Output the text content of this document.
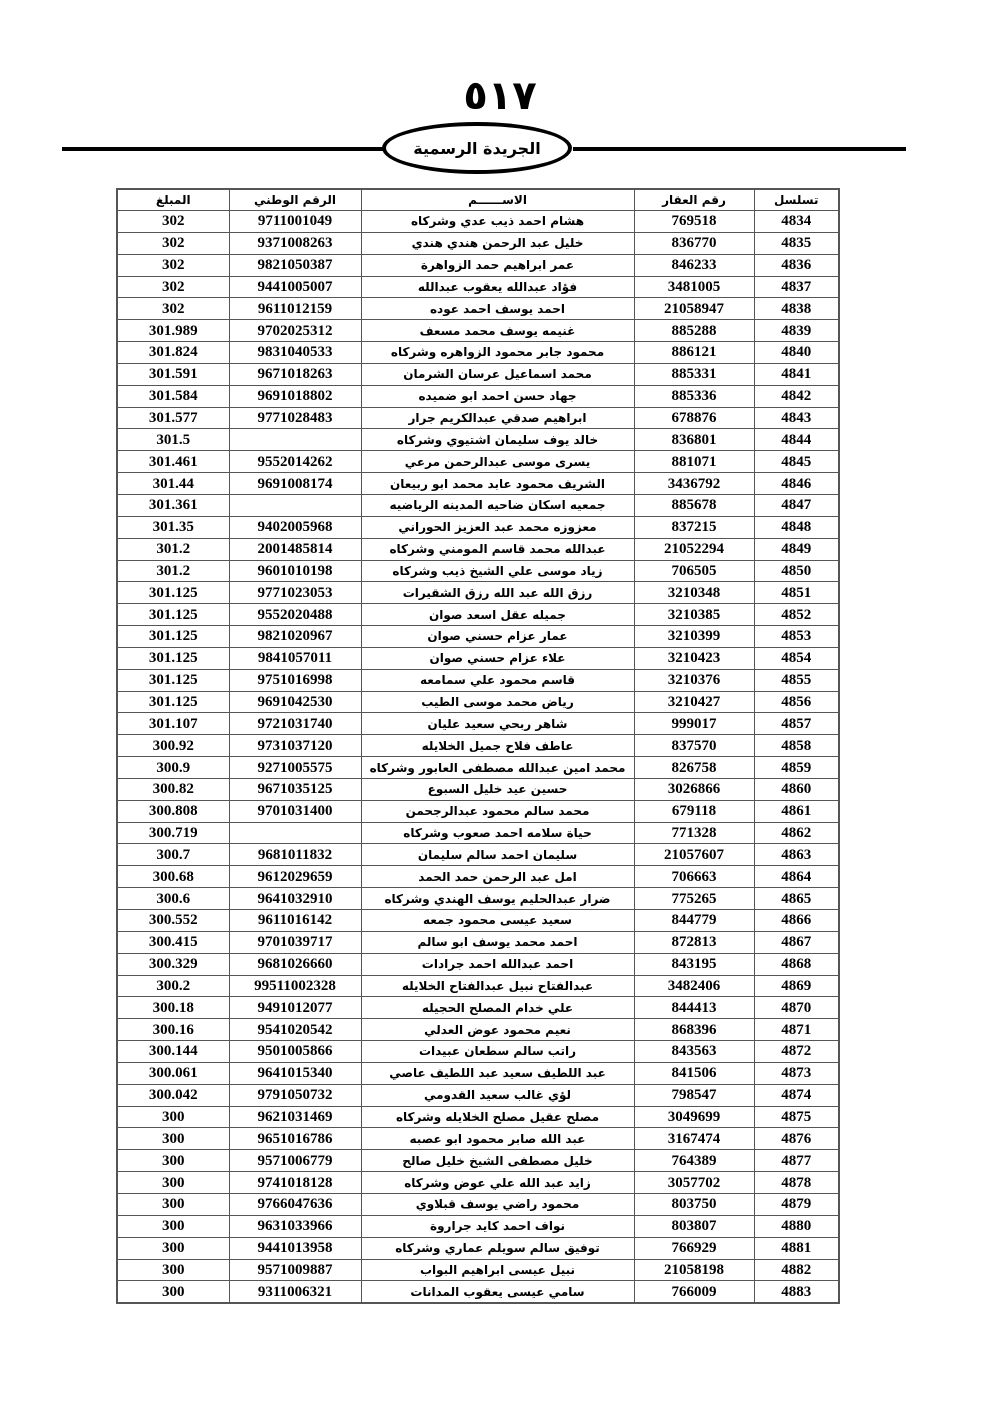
٥١٧
الجريدة الرسمية
المبلغ	الرقم الوطني	الاســــــم	رقم العقار	تسلسل
302	9711001049	هشام احمد ذيب عدي وشركاه	769518	4834
302	9371008263	خليل عبد الرحمن هندي هندي	836770	4835
302	9821050387	عمر ابراهيم حمد الزواهرة	846233	4836
302	9441005007	فؤاد عبدالله يعقوب عبدالله	3481005	4837
302	9611012159	احمد يوسف احمد عوده	21058947	4838
301.989	9702025312	غنيمه يوسف محمد مسعف	885288	4839
301.824	9831040533	محمود جابر محمود الزواهره وشركاه	886121	4840
301.591	9671018263	محمد اسماعيل عرسان الشرمان	885331	4841
301.584	9691018802	جهاد حسن احمد ابو ضميده	885336	4842
301.577	9771028483	ابراهيم صدقي عبدالكريم جرار	678876	4843
301.5		خالد يوف سليمان اشتيوي وشركاه	836801	4844
301.461	9552014262	يسرى موسى عبدالرحمن مرعي	881071	4845
301.44	9691008174	الشريف محمود عابد محمد ابو ربيعان	3436792	4846
301.361		جمعيه اسكان ضاحيه المدينه الرياضيه	885678	4847
301.35	9402005968	معزوزه محمد عبد العزيز الحوراني	837215	4848
301.2	2001485814	عبدالله محمد قاسم المومني وشركاه	21052294	4849
301.2	9601010198	زياد موسى علي الشيخ ذيب وشركاه	706505	4850
301.125	9771023053	رزق الله عبد الله رزق الشقيرات	3210348	4851
301.125	9552020488	جميله عقل اسعد صوان	3210385	4852
301.125	9821020967	عمار عزام حسني صوان	3210399	4853
301.125	9841057011	علاء عزام حسني صوان	3210423	4854
301.125	9751016998	قاسم محمود علي سمامعه	3210376	4855
301.125	9691042530	رياض محمد موسى الطيب	3210427	4856
301.107	9721031740	شاهر ربحي سعيد عليان	999017	4857
300.92	9731037120	عاطف فلاح جميل الخلايله	837570	4858
300.9	9271005575	محمد امين عبدالله مصطفى العابور وشركاه	826758	4859
300.82	9671035125	حسين عيد خليل السبوع	3026866	4860
300.808	9701031400	محمد سالم محمود عبدالرجحمن	679118	4861
300.719		حياة سلامه احمد صعوب وشركاه	771328	4862
300.7	9681011832	سليمان احمد سالم سليمان	21057607	4863
300.68	9612029659	امل عبد الرحمن حمد الحمد	706663	4864
300.6	9641032910	ضرار عبدالحليم يوسف الهندي وشركاه	775265	4865
300.552	9611016142	سعيد عيسى محمود جمعه	844779	4866
300.415	9701039717	احمد محمد يوسف ابو سالم	872813	4867
300.329	9681026660	احمد عبدالله احمد جرادات	843195	4868
300.2	99511002328	عبدالفتاح نبيل عبدالفتاح الخلايله	3482406	4869
300.18	9491012077	علي خدام المصلح الحجيله	844413	4870
300.16	9541020542	نعيم محمود عوض العدلي	868396	4871
300.144	9501005866	راتب سالم سطعان عبيدات	843563	4872
300.061	9641015340	عبد اللطيف سعيد عبد اللطيف عاصي	841506	4873
300.042	9791050732	لؤي غالب سعيد القدومي	798547	4874
300	9621031469	مصلح عقيل مصلح الخلايله وشركاه	3049699	4875
300	9651016786	عبد الله صابر محمود ابو عصبه	3167474	4876
300	9571006779	خليل مصطفى الشيخ خليل صالح	764389	4877
300	9741018128	زايد عبد الله علي عوض وشركاه	3057702	4878
300	9766047636	محمود راضي يوسف قبلاوي	803750	4879
300	9631033966	نواف احمد كايد جراروة	803807	4880
300	9441013958	توفيق سالم سويلم عماري وشركاه	766929	4881
300	9571009887	نبيل عيسى ابراهيم البواب	21058198	4882
300	9311006321	سامي عيسى يعقوب المدانات	766009	4883
